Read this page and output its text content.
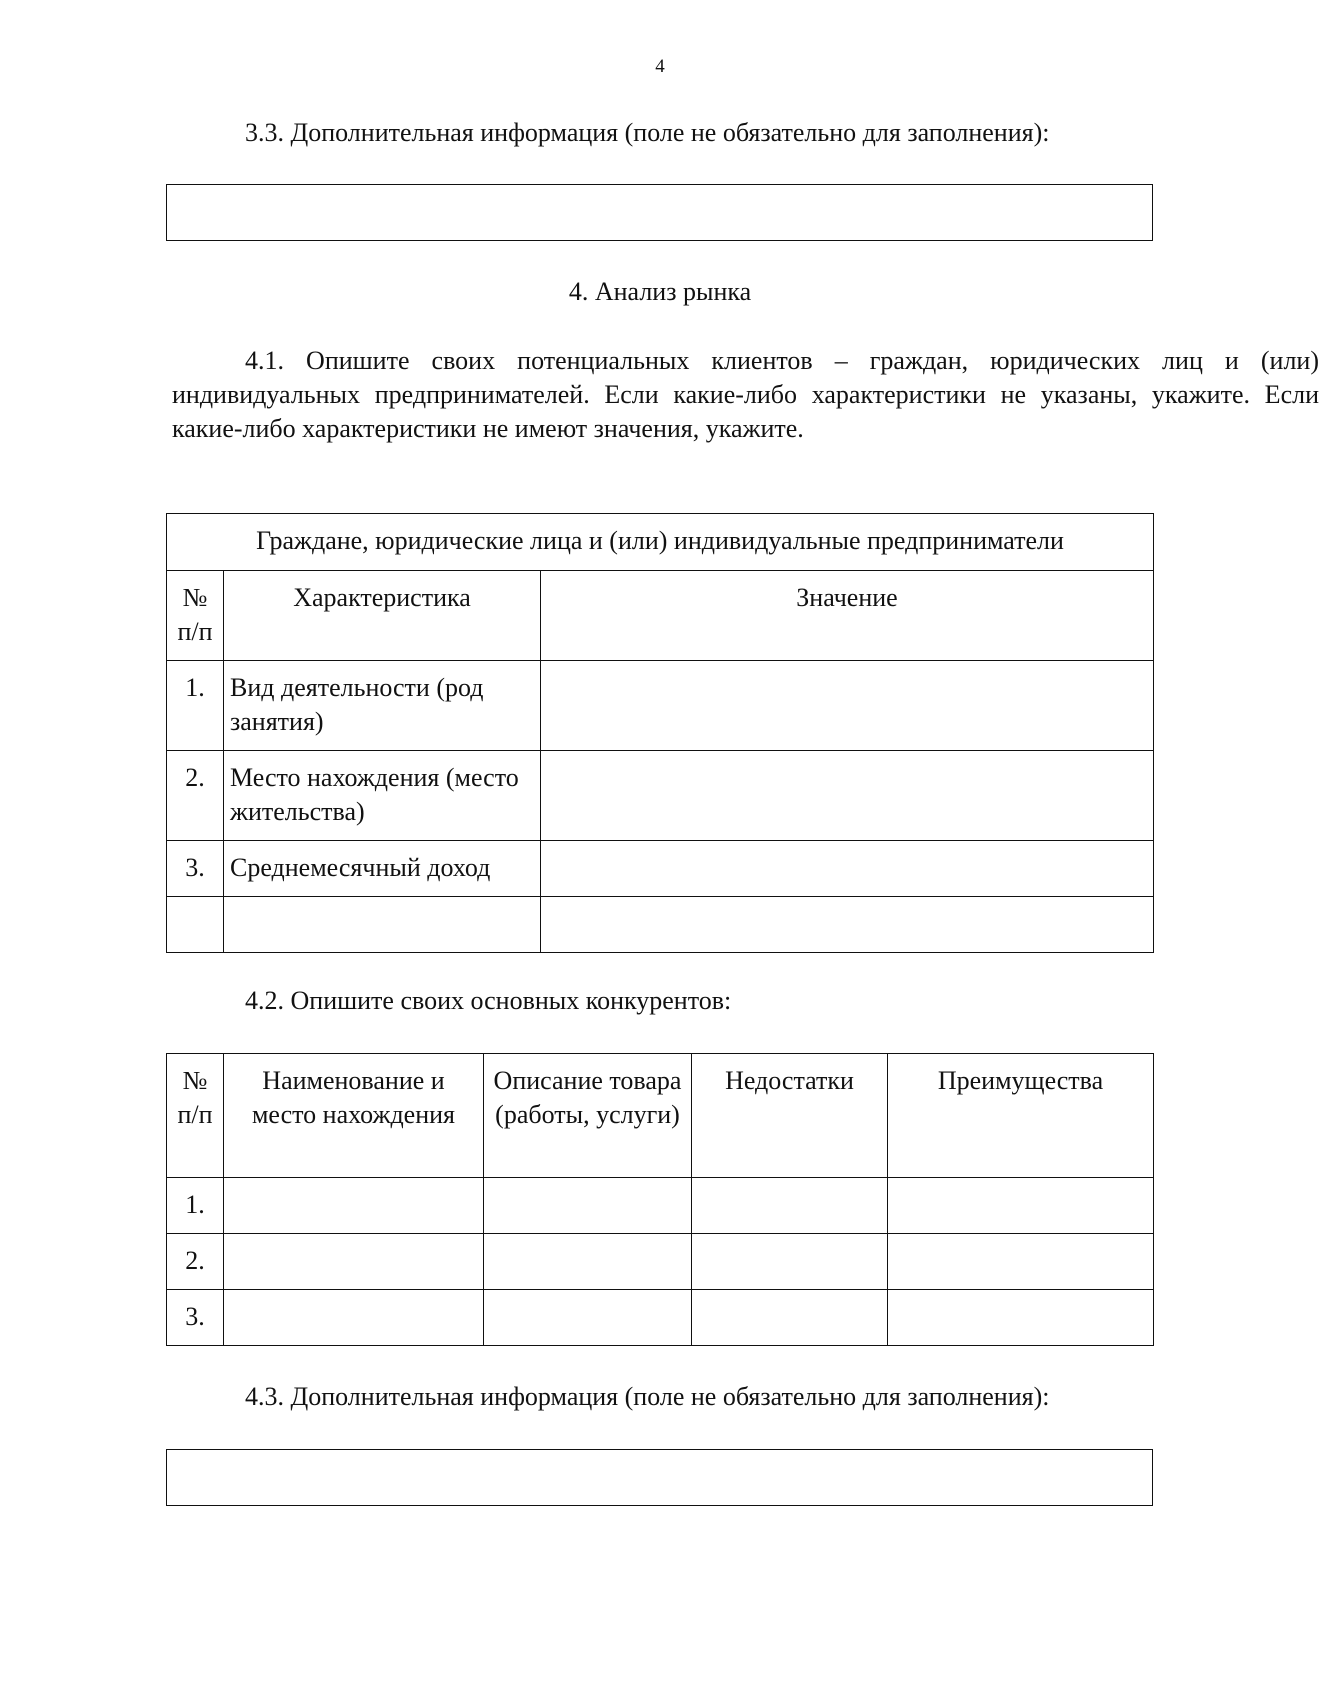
4
3.3. Дополнительная информация (поле не обязательно для заполнения):
4. Анализ рынка
4.1. Опишите своих потенциальных клиентов – граждан, юридических лиц и (или) индивидуальных предпринимателей. Если какие-либо характеристики не указаны, укажите. Если какие-либо характеристики не имеют значения, укажите.
Граждане, юридические лица и (или) индивидуальные предприниматели		
№ п/п	Характеристика	Значение
1.	Вид деятельности (род занятия)	
2.	Место нахождения (место жительства)	
3.	Среднемесячный доход	

4.2. Опишите своих основных конкурентов:
№ п/п	Наименование и место нахождения	Описание товара (работы, услуги)	Недостатки	Преимущества
1.				
2.				
3.				
4.3. Дополнительная информация (поле не обязательно для заполнения):
